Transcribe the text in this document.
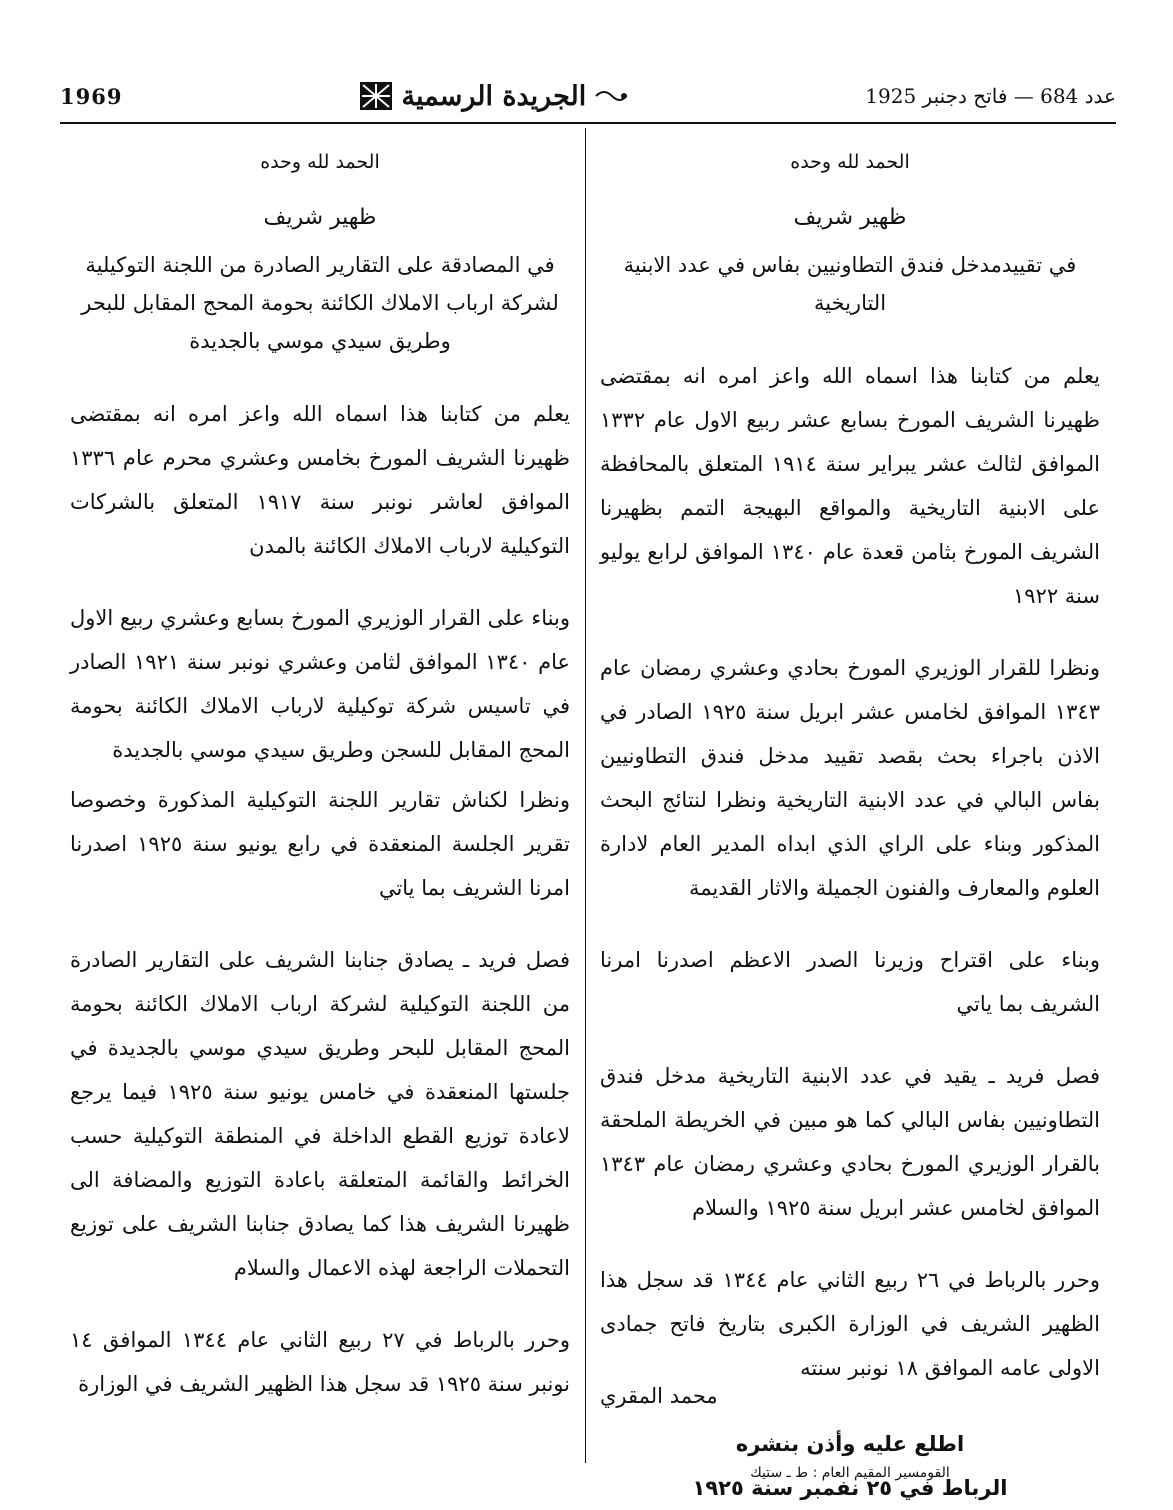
1969	الجريدة الرسمية	عدد 684 — فاتح دجنبر 1925
الحمد لله وحده
ظهير شريف
في تقييدمدخل فندق التطاونيين بفاس في عدد الابنية التاريخية

يعلم من كتابنا هذا اسماه الله واعز امره انه بمقتضى ظهيرنا الشريف المورخ بسابع عشر ربيع الاول عام ١٣٣٢ الموافق لثالث عشر يبراير سنة ١٩١٤ المتعلق بالمحافظة على الابنية التاريخية والمواقع البهيجة التمم بظهيرنا الشريف المورخ بثامن قعدة عام ١٣٤٠ الموافق لرابع يوليو سنة ١٩٢٢

ونظرا للقرار الوزيري المورخ بحادي وعشري رمضان عام ١٣٤٣ الموافق لخامس عشر ابريل سنة ١٩٢٥ الصادر في الاذن باجراء بحث بقصد تقييد مدخل فندق التطاونيين بفاس البالي في عدد الابنية التاريخية ونظرا لنتائج البحث المذكور وبناء على الراي الذي ابداه المدير العام لادارة العلوم والمعارف والفنون الجميلة والاثار القديمة

وبناء على اقتراح وزيرنا الصدر الاعظم اصدرنا امرنا الشريف بما ياتي

فصل فريد ـ يقيد في عدد الابنية التاريخية مدخل فندق التطاونيين بفاس البالي كما هو مبين في الخريطة الملحقة بالقرار الوزيري المورخ بحادي وعشري رمضان عام ١٣٤٣ الموافق لخامس عشر ابريل سنة ١٩٢٥ والسلام

وحرر بالرباط في ٢٦ ربيع الثاني عام ١٣٤٤ قد سجل هذا الظهير الشريف في الوزارة الكبرى بتاريخ فاتح جمادى الاولى عامه الموافق ١٨ نونبر سنته

محمد المقري
اطلع عليه وأذن بنشره
الرباط في ٢٥ نفمبر سنة ١٩٢٥
القومسير المقيم العام : ط ـ ستيك
الحمد لله وحده
ظهير شريف
في المصادقة على التقارير الصادرة من اللجنة التوكيلية لشركة ارباب الاملاك الكائنة بحومة المحج المقابل للبحر وطريق سيدي موسي بالجديدة

يعلم من كتابنا هذا اسماه الله واعز امره انه بمقتضى ظهيرنا الشريف المورخ بخامس وعشري محرم عام ١٣٣٦ الموافق لعاشر نونبر سنة ١٩١٧ المتعلق بالشركات التوكيلية لارباب الاملاك الكائنة بالمدن

وبناء على القرار الوزيري المورخ بسابع وعشري ربيع الاول عام ١٣٤٠ الموافق لثامن وعشري نونبر سنة ١٩٢١ الصادر في تاسيس شركة توكيلية لارباب الاملاك الكائنة بحومة المحج المقابل للسجن وطريق سيدي موسي بالجديدة

ونظرا لكناش تقارير اللجنة التوكيلية المذكورة وخصوصا تقرير الجلسة المنعقدة في رابع يونيو سنة ١٩٢٥ اصدرنا امرنا الشريف بما ياتي

فصل فريد ـ يصادق جنابنا الشريف على التقارير الصادرة من اللجنة التوكيلية لشركة ارباب الاملاك الكائنة بحومة المحج المقابل للبحر وطريق سيدي موسي بالجديدة في جلستها المنعقدة في خامس يونيو سنة ١٩٢٥ فيما يرجع لاعادة توزيع القطع الداخلة في المنطقة التوكيلية حسب الخرائط والقائمة المتعلقة باعادة التوزيع والمضافة الى ظهيرنا الشريف هذا كما يصادق جنابنا الشريف على توزيع التحملات الراجعة لهذه الاعمال والسلام

وحرر بالرباط في ٢٧ ربيع الثاني عام ١٣٤٤ الموافق ١٤ نونبر سنة ١٩٢٥ قد سجل هذا الظهير الشريف في الوزارة
